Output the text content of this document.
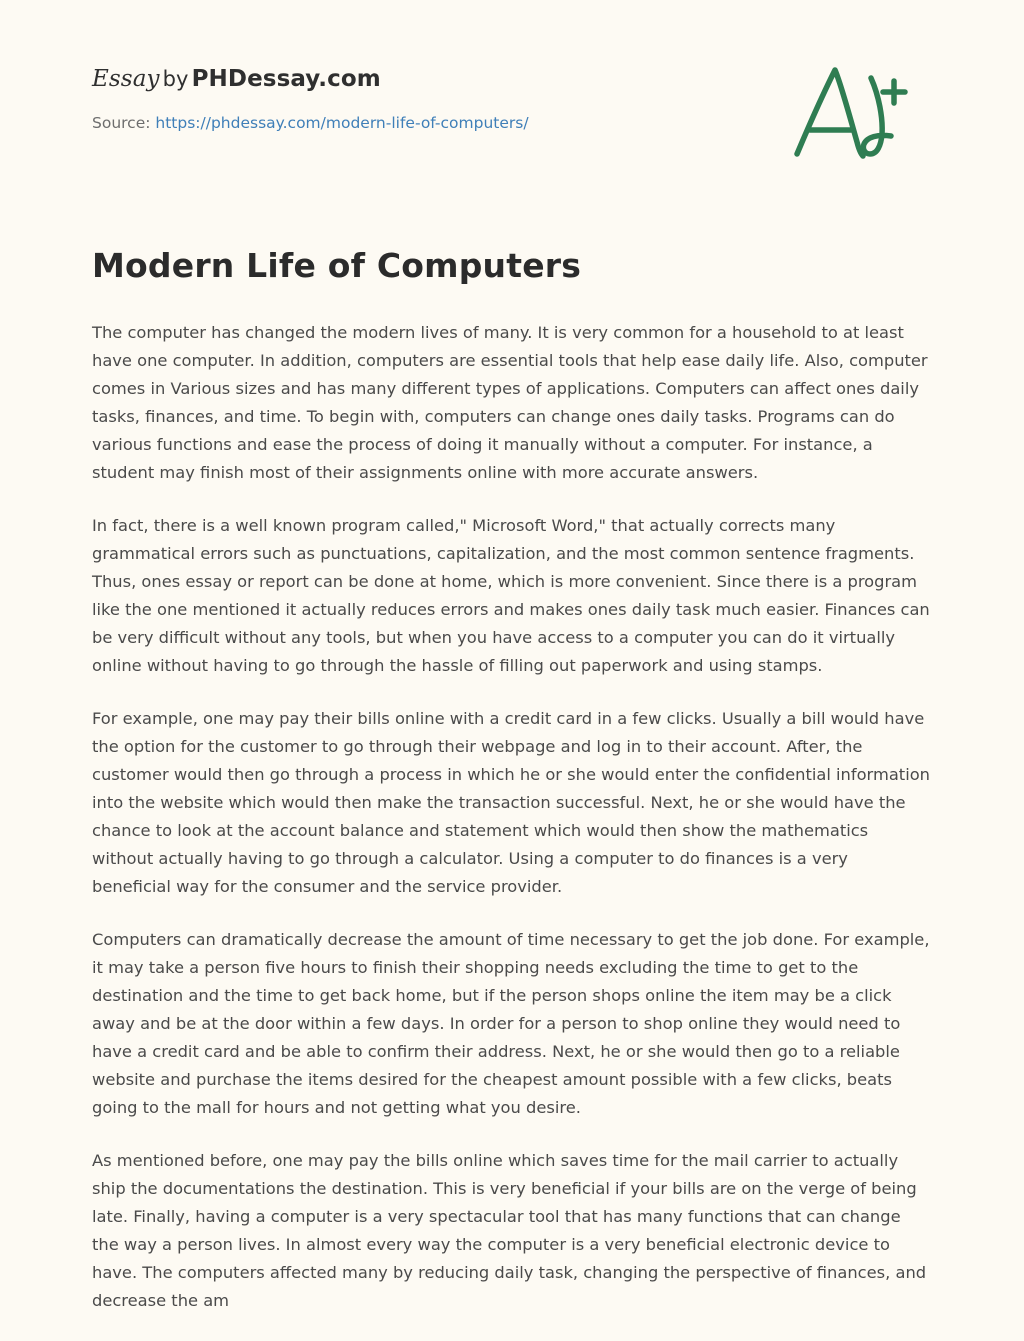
Essay by PHDessay.com
Source: https://phdessay.com/modern-life-of-computers/
Modern Life of Computers

The computer has changed the modern lives of many. It is very common for a household to at least have one computer. In addition, computers are essential tools that help ease daily life. Also, computer comes in Various sizes and has many different types of applications. Computers can affect ones daily tasks, finances, and time. To begin with, computers can change ones daily tasks. Programs can do various functions and ease the process of doing it manually without a computer. For instance, a student may finish most of their assignments online with more accurate answers.

In fact, there is a well known program called," Microsoft Word," that actually corrects many grammatical errors such as punctuations, capitalization, and the most common sentence fragments. Thus, ones essay or report can be done at home, which is more convenient. Since there is a program like the one mentioned it actually reduces errors and makes ones daily task much easier. Finances can be very difficult without any tools, but when you have access to a computer you can do it virtually online without having to go through the hassle of filling out paperwork and using stamps.

For example, one may pay their bills online with a credit card in a few clicks. Usually a bill would have the option for the customer to go through their webpage and log in to their account. After, the customer would then go through a process in which he or she would enter the confidential information into the website which would then make the transaction successful. Next, he or she would have the chance to look at the account balance and statement which would then show the mathematics without actually having to go through a calculator. Using a computer to do finances is a very beneficial way for the consumer and the service provider.

Computers can dramatically decrease the amount of time necessary to get the job done. For example, it may take a person five hours to finish their shopping needs excluding the time to get to the destination and the time to get back home, but if the person shops online the item may be a click away and be at the door within a few days. In order for a person to shop online they would need to have a credit card and be able to confirm their address. Next, he or she would then go to a reliable website and purchase the items desired for the cheapest amount possible with a few clicks, beats going to the mall for hours and not getting what you desire.

As mentioned before, one may pay the bills online which saves time for the mail carrier to actually ship the documentations the destination. This is very beneficial if your bills are on the verge of being late. Finally, having a computer is a very spectacular tool that has many functions that can change the way a person lives. In almost every way the computer is a very beneficial electronic device to have. The computers affected many by reducing daily task, changing the perspective of finances, and decrease the am
